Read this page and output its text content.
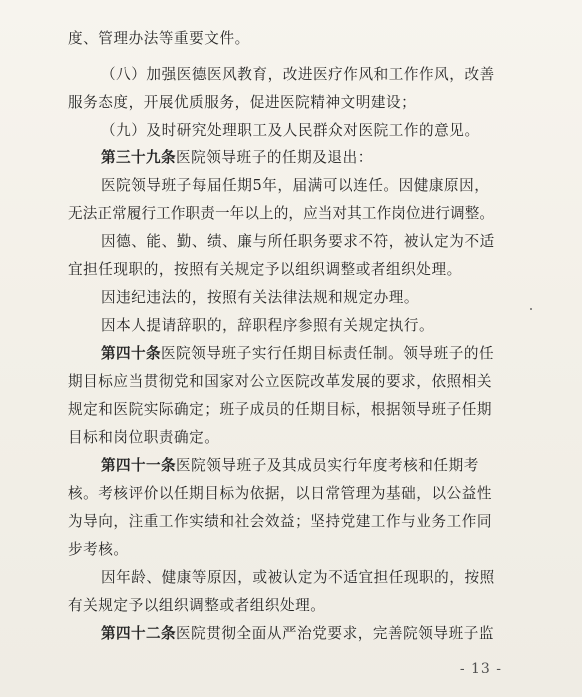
度、管理办法等重要文件。
（八）加强医德医风教育，改进医疗作风和工作作风，改善
服务态度，开展优质服务，促进医院精神文明建设；
（九）及时研究处理职工及人民群众对医院工作的意见。
第三十九条医院领导班子的任期及退出：
医院领导班子每届任期5年，届满可以连任。因健康原因，
无法正常履行工作职责一年以上的，应当对其工作岗位进行调整。
因德、能、勤、绩、廉与所任职务要求不符，被认定为不适
宜担任现职的，按照有关规定予以组织调整或者组织处理。
因违纪违法的，按照有关法律法规和规定办理。
因本人提请辞职的，辞职程序参照有关规定执行。
第四十条医院领导班子实行任期目标责任制。领导班子的任
期目标应当贯彻党和国家对公立医院改革发展的要求，依照相关
规定和医院实际确定；班子成员的任期目标，根据领导班子任期
目标和岗位职责确定。
第四十一条医院领导班子及其成员实行年度考核和任期考
核。考核评价以任期目标为依据，以日常管理为基础，以公益性
为导向，注重工作实绩和社会效益；坚持党建工作与业务工作同
步考核。
因年龄、健康等原因，或被认定为不适宜担任现职的，按照
有关规定予以组织调整或者组织处理。
第四十二条医院贯彻全面从严治党要求，完善院领导班子监
- 13 -
